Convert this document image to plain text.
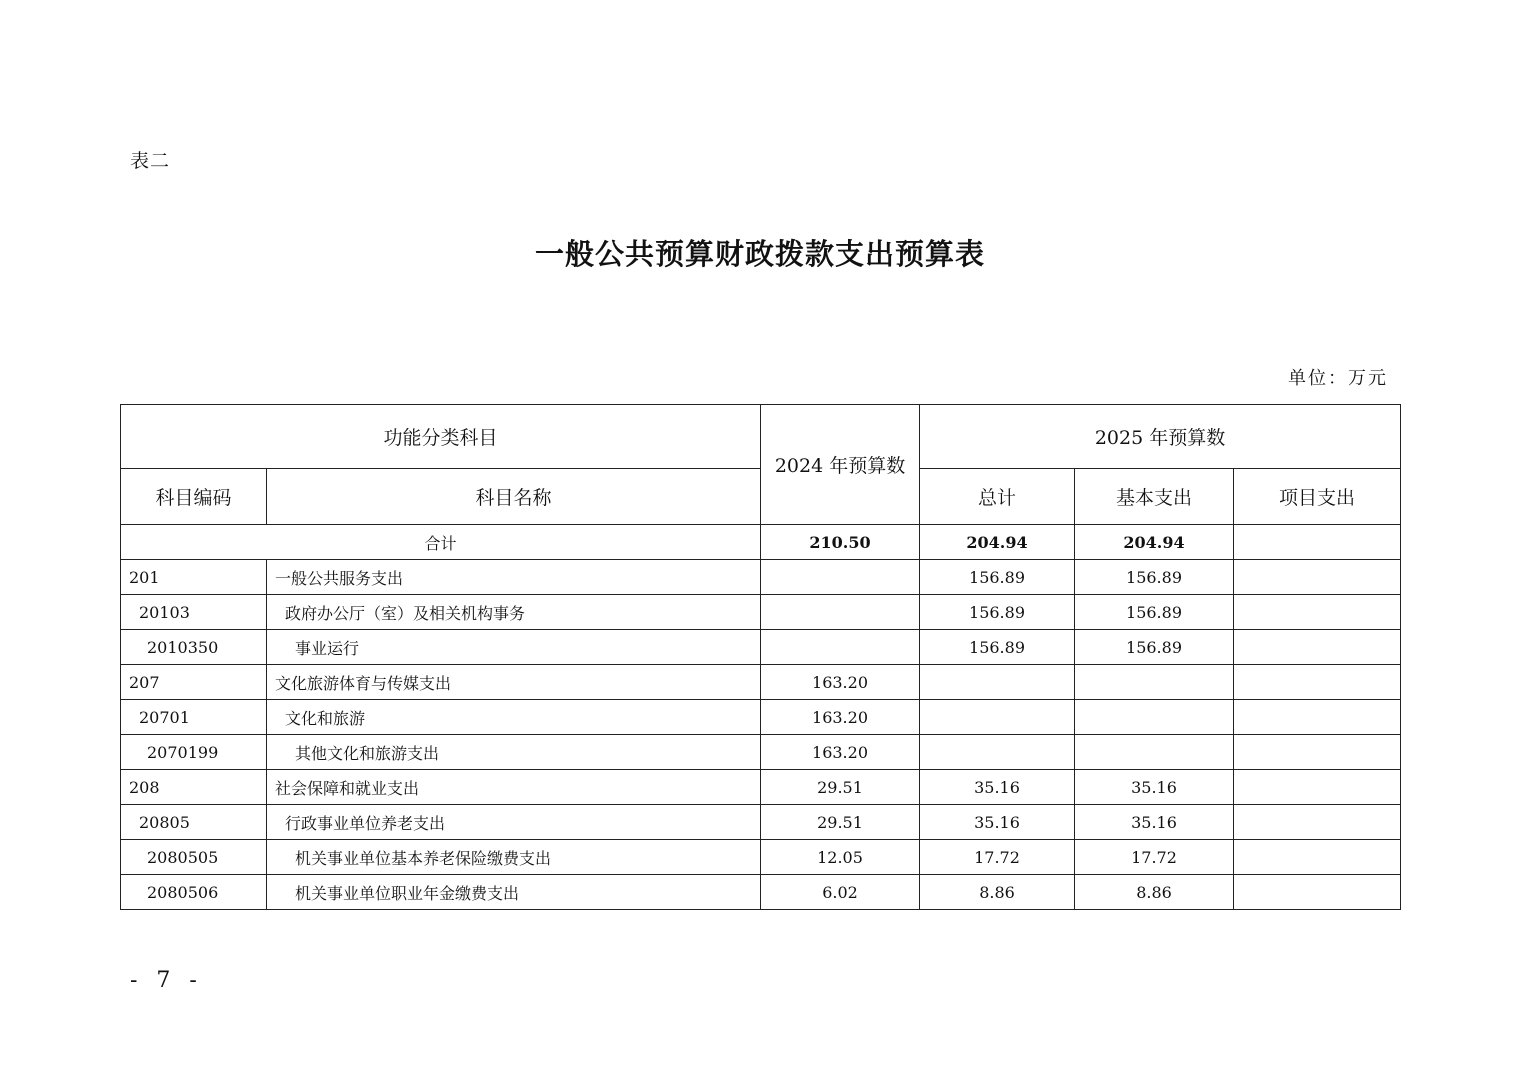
表二
一般公共预算财政拨款支出预算表
单位：万元
功能分类科目		2024 年预算数	2025 年预算数		
科目编码	科目名称		总计	基本支出	项目支出
合计		210.50	204.94	204.94	
201	一般公共服务支出		156.89	156.89	
20103	政府办公厅（室）及相关机构事务		156.89	156.89	
2010350	事业运行		156.89	156.89	
207	文化旅游体育与传媒支出	163.20			
20701	文化和旅游	163.20			
2070199	其他文化和旅游支出	163.20			
208	社会保障和就业支出	29.51	35.16	35.16	
20805	行政事业单位养老支出	29.51	35.16	35.16	
2080505	机关事业单位基本养老保险缴费支出	12.05	17.72	17.72	
2080506	机关事业单位职业年金缴费支出	6.02	8.86	8.86	
- 7 -
